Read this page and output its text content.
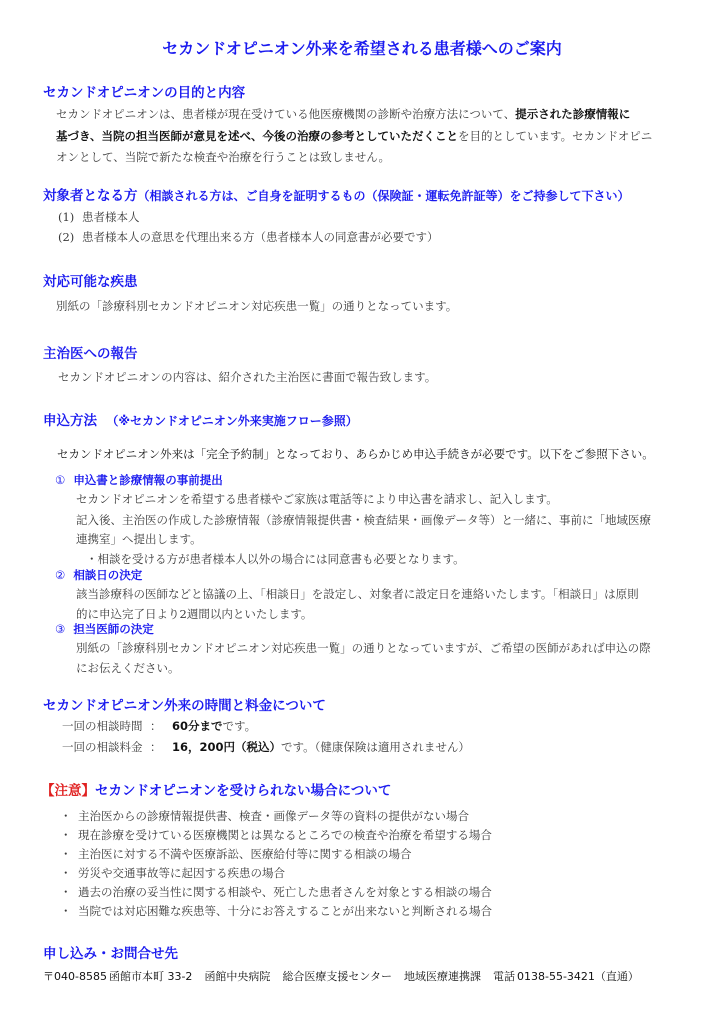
セカンドオピニオン外来を希望される患者様へのご案内
セカンドオピニオンの目的と内容
セカンドオピニオンは、患者様が現在受けている他医療機関の診断や治療方法について、提示された診療情報に
基づき、当院の担当医師が意見を述べ、今後の治療の参考としていただくことを目的としています。セカンドオピニ
オンとして、当院で新たな検査や治療を行うことは致しません。
対象者となる方（相談される方は、ご自身を証明するもの（保険証・運転免許証等）をご持参して下さい）
(1) 患者様本人
(2) 患者様本人の意思を代理出来る方（患者様本人の同意書が必要です）
対応可能な疾患
別紙の「診療科別セカンドオピニオン対応疾患一覧」の通りとなっています。
主治医への報告
セカンドオピニオンの内容は、紹介された主治医に書面で報告致します。
申込方法 （※セカンドオピニオン外来実施フロー参照）
セカンドオピニオン外来は「完全予約制」となっており、あらかじめ申込手続きが必要です。以下をご参照下さい。
① 申込書と診療情報の事前提出
セカンドオピニオンを希望する患者様やご家族は電話等により申込書を請求し、記入します。
記入後、主治医の作成した診療情報（診療情報提供書・検査結果・画像データ等）と一緒に、事前に「地域医療
連携室」へ提出します。
・相談を受ける方が患者様本人以外の場合には同意書も必要となります。
② 相談日の決定
該当診療科の医師などと協議の上、「相談日」を設定し、対象者に設定日を連絡いたします。「相談日」は原則
的に申込完了日より2週間以内といたします。
③ 担当医師の決定
別紙の「診療科別セカンドオピニオン対応疾患一覧」の通りとなっていますが、ご希望の医師があれば申込の際
にお伝えください。
セカンドオピニオン外来の時間と料金について
一回の相談時間 ： 60分までです。
一回の相談料金 ： 16，200円（税込）です。（健康保険は適用されません）
【注意】セカンドオピニオンを受けられない場合について
・ 主治医からの診療情報提供書、検査・画像データ等の資料の提供がない場合
・ 現在診療を受けている医療機関とは異なるところでの検査や治療を希望する場合
・ 主治医に対する不満や医療訴訟、医療給付等に関する相談の場合
・ 労災や交通事故等に起因する疾患の場合
・ 過去の治療の妥当性に関する相談や、死亡した患者さんを対象とする相談の場合
・ 当院では対応困難な疾患等、十分にお答えすることが出来ないと判断される場合
申し込み・お問合せ先
〒040-8585 函館市本町 33-2 函館中央病院 総合医療支援センター 地域医療連携課 電話 0138-55-3421（直通）
